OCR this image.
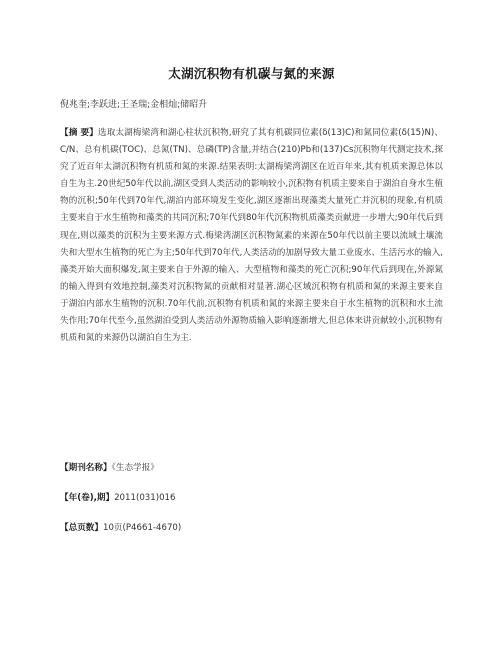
太湖沉积物有机碳与氮的来源
倪兆奎;李跃进;王圣瑞;金相灿;储昭升
【摘 要】选取太湖梅梁湾和湖心柱状沉积物,研究了其有机碳同位素(δ(13)C)和氮同位素(δ(15)N)、C/N、总有机碳(TOC)、总氮(TN)、总磷(TP)含量,并结合(210)Pb和(137)Cs沉积物年代测定技术,探究了近百年太湖沉积物有机质和氮的来源.结果表明:太湖梅梁湾湖区在近百年来,其有机质来源总体以自生为主.20世纪50年代以前,湖区受到人类活动的影响较小,沉积物有机质主要来自于湖泊自身水生植物的沉积;50年代到70年代,湖泊内部环境发生变化,湖区逐渐出现藻类大量死亡并沉积的现象,有机质主要来自于水生植物和藻类的共同沉积;70年代到80年代沉积物机质藻类贡献进一步增大;90年代后到现在,则以藻类的沉积为主要来源方式.梅梁湾湖区沉积物氮素的来源在50年代以前主要以流域土壤流失和大型水生植物的死亡为主;50年代到70年代,人类活动的加剧导致大量工业废水、生活污水的输入,藻类开始大面积爆发,氮主要来自于外源的输入、大型植物和藻类的死亡沉积;90年代后到现在,外源氮的输入得到有效地控制,藻类对沉积物氮的贡献相对显著.湖心区域沉积物有机质和氮的来源主要来自于湖泊内部水生植物的沉积.70年代前,沉积物有机质和氮的来源主要来自于水生植物的沉积和水土流失作用;70年代至今,虽然湖泊受到人类活动外源物质输入影响逐渐增大,但总体来讲贡献较小,沉积物有机质和氮的来源仍以湖泊自生为主.
【期刊名称】《生态学报》
【年(卷),期】2011(031)016
【总页数】10页(P4661-4670)
